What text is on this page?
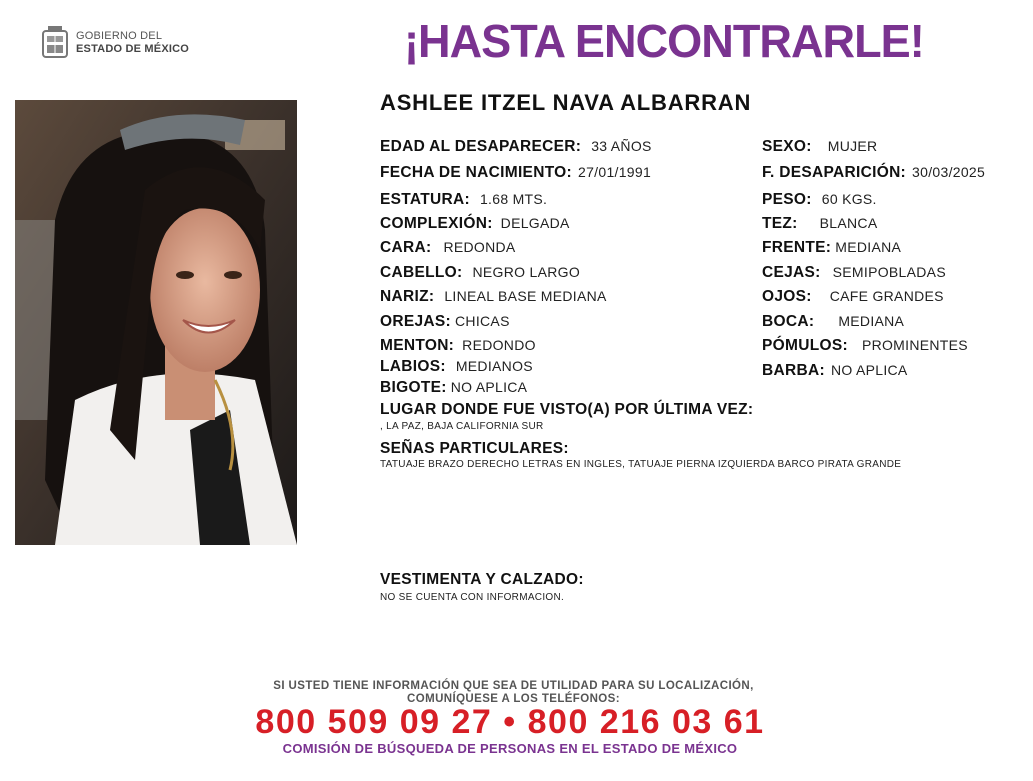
GOBIERNO DEL
ESTADO DE MÉXICO	¡HASTA ENCONTRARLE!
ASHLEE ITZEL NAVA ALBARRAN
EDAD AL DESAPARECER: 33 AÑOS
FECHA DE NACIMIENTO: 27/01/1991
ESTATURA: 1.68 MTS.
COMPLEXIÓN: DELGADA
CARA: REDONDA
CABELLO: NEGRO LARGO
NARIZ: LINEAL BASE MEDIANA
OREJAS: CHICAS
MENTON: REDONDO
LABIOS: MEDIANOS
BIGOTE: NO APLICA
SEXO: MUJER
F. DESAPARICIÓN: 30/03/2025
PESO: 60 KGS.
TEZ: BLANCA
FRENTE: MEDIANA
CEJAS: SEMIPOBLADAS
OJOS: CAFE GRANDES
BOCA: MEDIANA
PÓMULOS: PROMINENTES
BARBA: NO APLICA
LUGAR DONDE FUE VISTO(A) POR ÚLTIMA VEZ:
, LA PAZ, BAJA CALIFORNIA SUR
SEÑAS PARTICULARES:
TATUAJE BRAZO DERECHO LETRAS EN INGLES, TATUAJE PIERNA IZQUIERDA BARCO PIRATA GRANDE
VESTIMENTA Y CALZADO:
NO SE CUENTA CON INFORMACION.
SI USTED TIENE INFORMACIÓN QUE SEA DE UTILIDAD PARA SU LOCALIZACIÓN,
COMUNÍQUESE A LOS TELÉFONOS:
800 509 09 27 • 800 216 03 61
COMISIÓN DE BÚSQUEDA DE PERSONAS EN EL ESTADO DE MÉXICO
